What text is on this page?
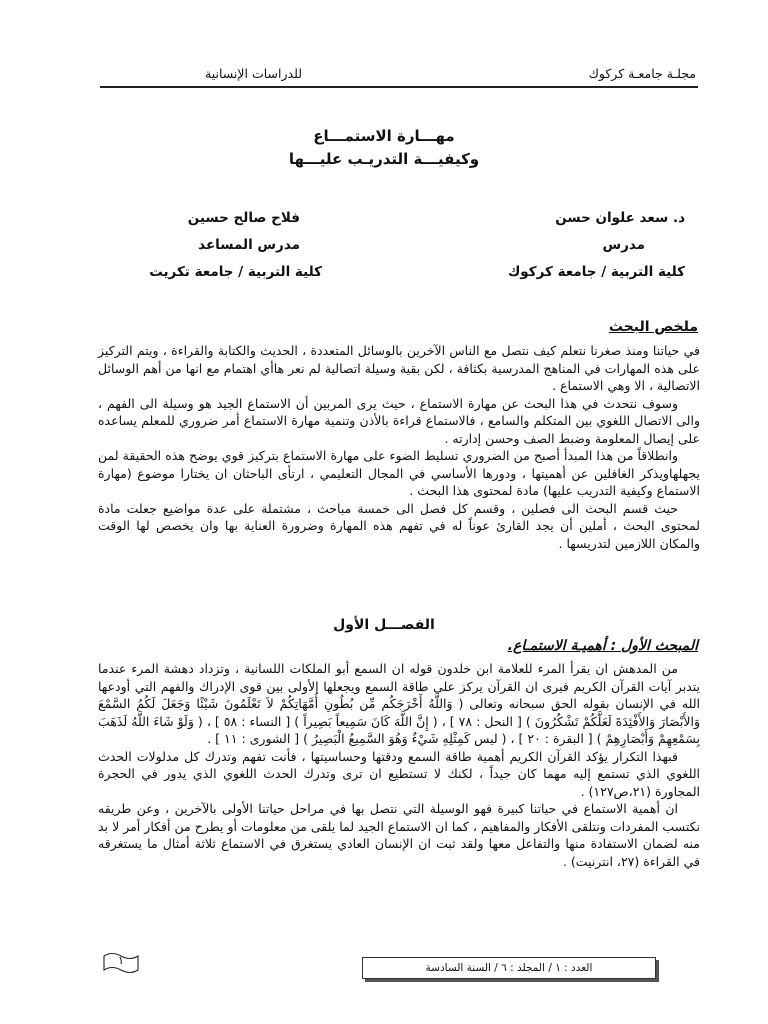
مجلـة جامعـة كركوك
للدراسات الإنسانية
مهـــارة الاستمـــاع
وكيفيـــة التدريـب عليـــها
د. سعد علوان حسن
مدرس
كلية التربية / جامعة كركوك
فلاح صالح حسين
مدرس المساعد
كلية التربية / جامعة تكريت
ملخص البحث

في حياتنا ومنذ صغرنا نتعلم كيف نتصل مع الناس الآخرين بالوسائل المتعددة ، الحديث والكتابة والقراءة ، ويتم التركيز على هذه المهارات في المناهج المدرسية بكثافة ، لكن بقية وسيلة اتصالية لم نعر هاأي اهتمام مع انها من أهم الوسائل الاتصالية ، الا وهي الاستماع .

وسوف نتحدث في هذا البحث عن مهارة الاستماع ، حيث يرى المربين أن الاستماع الجيد هو وسيلة الى الفهم ، والى الاتصال اللغوي بين المتكلم والسامع ، فالاستماع قراءة بالأذن وتنمية مهارة الاستماع أمر ضروري للمعلم يساعده على إيصال المعلومة وضبط الصف وحسن إدارته .

وانطلاقاً من هذا المبدأ أصبح من الضروري تسليط الضوء على مهارة الاستماع بتركيز قوي يوضح هذه الحقيقة لمن يجهلهاويذكر الغافلين عن أهميتها ، ودورها الأساسي في المجال التعليمي ، ارتأى الباحثان ان يختارا موضوع (مهارة الاستماع وكيفية التدريب عليها) مادة لمحتوى هذا البحث .

حيث قسم البحث الى فصلين ، وقسم كل فصل الى خمسة مباحث ، مشتملة على عدة مواضيع جعلت مادة لمحتوى البحث ، أملين أن يجد القارئ عوناً له في تفهم هذه المهارة وضرورة العناية بها وان يخصص لها الوقت والمكان اللازمين لتدريسها .

الفصـــل الأول
المبحث الأول : أهميـة الاستمـاع.

من المدهش ان يقرأ المرء للعلامة ابن خلدون قوله ان السمع أبو الملكات اللسانية ، وتزداد دهشة المرء عندما يتدبر آيات القرآن الكريم فيرى ان القرآن يركز على طاقة السمع ويجعلها الأولى بين قوى الإدراك والفهم التي أودعها الله في الإنسان بقوله الحق سبحانه وتعالى ( وَاللَّهُ أَخْرَجَكُم مِّن بُطُونِ أُمَّهَاتِكُمْ لاَ تَعْلَمُونَ شَيْئًا وَجَعَلَ لَكُمُ السَّمْعَ وَالأَبْصَارَ وَالأَفْئِدَةَ لَعَلَّكُمْ تَشْكُرُونَ ) [ النحل : ٧٨ ] ، ( إِنَّ اللَّهَ كَانَ سَمِيعاً بَصِيراً ) [ النساء : ٥٨ ] ، ( وَلَوْ شَاءَ اللَّهُ لَذَهَبَ بِسَمْعِهِمْ وَأَبْصَارِهِمْ ) [ البقرة : ٢٠ ] ، ( ليس كَمِثْلِهِ شَيْءٌ وَهُوَ السَّمِيعُ الْبَصِيرُ ) [ الشورى : ١١ ] .

فبهذا التكرار يؤكد القرآن الكريم أهمية طاقة السمع ودقتها وحساسيتها ، فأنت تفهم وتدرك كل مدلولات الحدث اللغوي الذي تستمع إليه مهما كان جيداً ، لكنك لا تستطيع ان ترى وتدرك الحدث اللغوي الذي يدور في الحجرة المجاورة (٢١،ص١٢٧) .

ان أهمية الاستماع في حياتنا كبيرة فهو الوسيلة التي نتصل بها في مراحل حياتنا الأولى بالآخرين ، وعن طريقه نكتسب المفردات ونتلقى الأفكار والمفاهيم ، كما ان الاستماع الجيد لما يلقى من معلومات أو يطرح من أفكار أمر لا بد منه لضمان الاستفادة منها والتفاعل معها ولقد ثبت ان الإنسان العادي يستغرق في الاستماع ثلاثة أمثال ما يستغرقه في القراءة (٢٧، انترنيت) .

العدد : ١ / المجلد : ٦ / السنة السادسة
١
